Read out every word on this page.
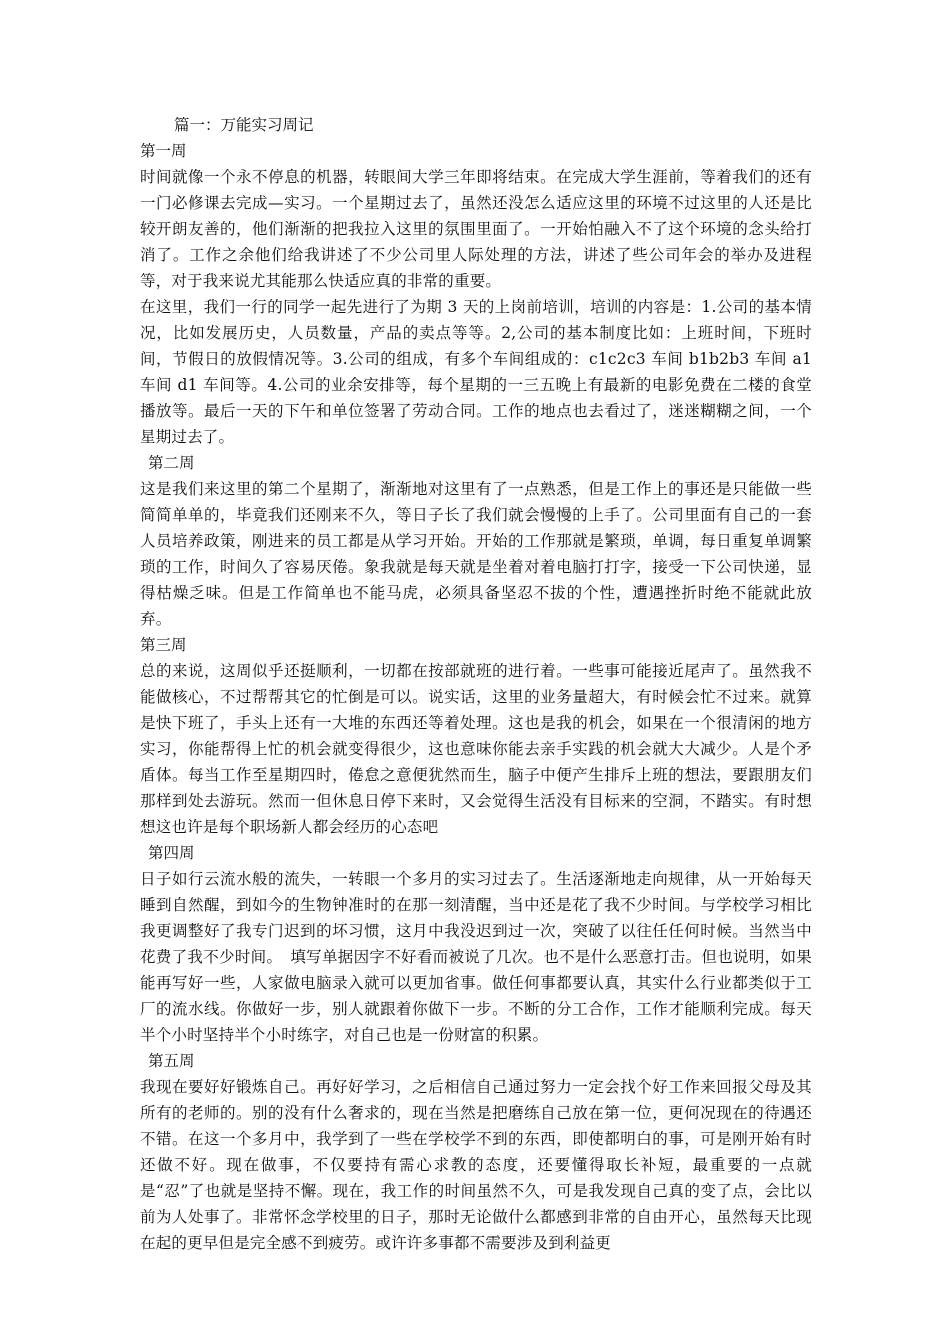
篇一：万能实习周记
第一周

时间就像一个永不停息的机器，转眼间大学三年即将结束。在完成大学生涯前，等着我们的还有一门必修课去完成—实习。一个星期过去了，虽然还没怎么适应这里的环境不过这里的人还是比较开朗友善的，他们渐渐的把我拉入这里的氛围里面了。一开始怕融入不了这个环境的念头给打消了。工作之余他们给我讲述了不少公司里人际处理的方法，讲述了些公司年会的举办及进程等，对于我来说尤其能那么快适应真的非常的重要。

在这里，我们一行的同学一起先进行了为期 3 天的上岗前培训，培训的内容是：1.公司的基本情况，比如发展历史，人员数量，产品的卖点等等。2,公司的基本制度比如：上班时间，下班时间，节假日的放假情况等。3.公司的组成，有多个车间组成的：c1c2c3 车间 b1b2b3 车间 a1 车间 d1 车间等。4.公司的业余安排等，每个星期的一三五晚上有最新的电影免费在二楼的食堂播放等。最后一天的下午和单位签署了劳动合同。工作的地点也去看过了，迷迷糊糊之间，一个星期过去了。

第二周

这是我们来这里的第二个星期了，渐渐地对这里有了一点熟悉，但是工作上的事还是只能做一些简简单单的，毕竟我们还刚来不久，等日子长了我们就会慢慢的上手了。公司里面有自己的一套人员培养政策，刚进来的员工都是从学习开始。开始的工作那就是繁琐，单调，每日重复单调繁琐的工作，时间久了容易厌倦。象我就是每天就是坐着对着电脑打打字，接受一下公司快递，显得枯燥乏味。但是工作简单也不能马虎，必须具备坚忍不拔的个性，遭遇挫折时绝不能就此放弃。

第三周

总的来说，这周似乎还挺顺利，一切都在按部就班的进行着。一些事可能接近尾声了。虽然我不能做核心，不过帮帮其它的忙倒是可以。说实话，这里的业务量超大，有时候会忙不过来。就算是快下班了，手头上还有一大堆的东西还等着处理。这也是我的机会，如果在一个很清闲的地方实习，你能帮得上忙的机会就变得很少，这也意味你能去亲手实践的机会就大大减少。人是个矛盾体。每当工作至星期四时，倦怠之意便犹然而生，脑子中便产生排斥上班的想法，要跟朋友们那样到处去游玩。然而一但休息日停下来时，又会觉得生活没有目标来的空洞，不踏实。有时想想这也许是每个职场新人都会经历的心态吧

第四周

日子如行云流水般的流失，一转眼一个多月的实习过去了。生活逐渐地走向规律，从一开始每天睡到自然醒，到如今的生物钟准时的在那一刻清醒，当中还是花了我不少时间。与学校学习相比我更调整好了我专门迟到的坏习惯，这月中我没迟到过一次，突破了以往任任何时候。当然当中花费了我不少时间。　填写单据因字不好看而被说了几次。也不是什么恶意打击。但也说明，如果能再写好一些，人家做电脑录入就可以更加省事。做任何事都要认真，其实什么行业都类似于工厂的流水线。你做好一步，别人就跟着你做下一步。不断的分工合作，工作才能顺利完成。每天半个小时坚持半个小时练字，对自己也是一份财富的积累。

第五周

我现在要好好锻炼自己。再好好学习，之后相信自己通过努力一定会找个好工作来回报父母及其所有的老师的。别的没有什么奢求的，现在当然是把磨练自己放在第一位，更何况现在的待遇还不错。在这一个多月中，我学到了一些在学校学不到的东西，即使都明白的事，可是刚开始有时还做不好。现在做事，不仅要持有需心求教的态度，还要懂得取长补短，最重要的一点就是“忍”了也就是坚持不懈。现在，我工作的时间虽然不久，可是我发现自己真的变了点，会比以前为人处事了。非常怀念学校里的日子，那时无论做什么都感到非常的自由开心，虽然每天比现在起的更早但是完全感不到疲劳。或许许多事都不需要涉及到利益更
